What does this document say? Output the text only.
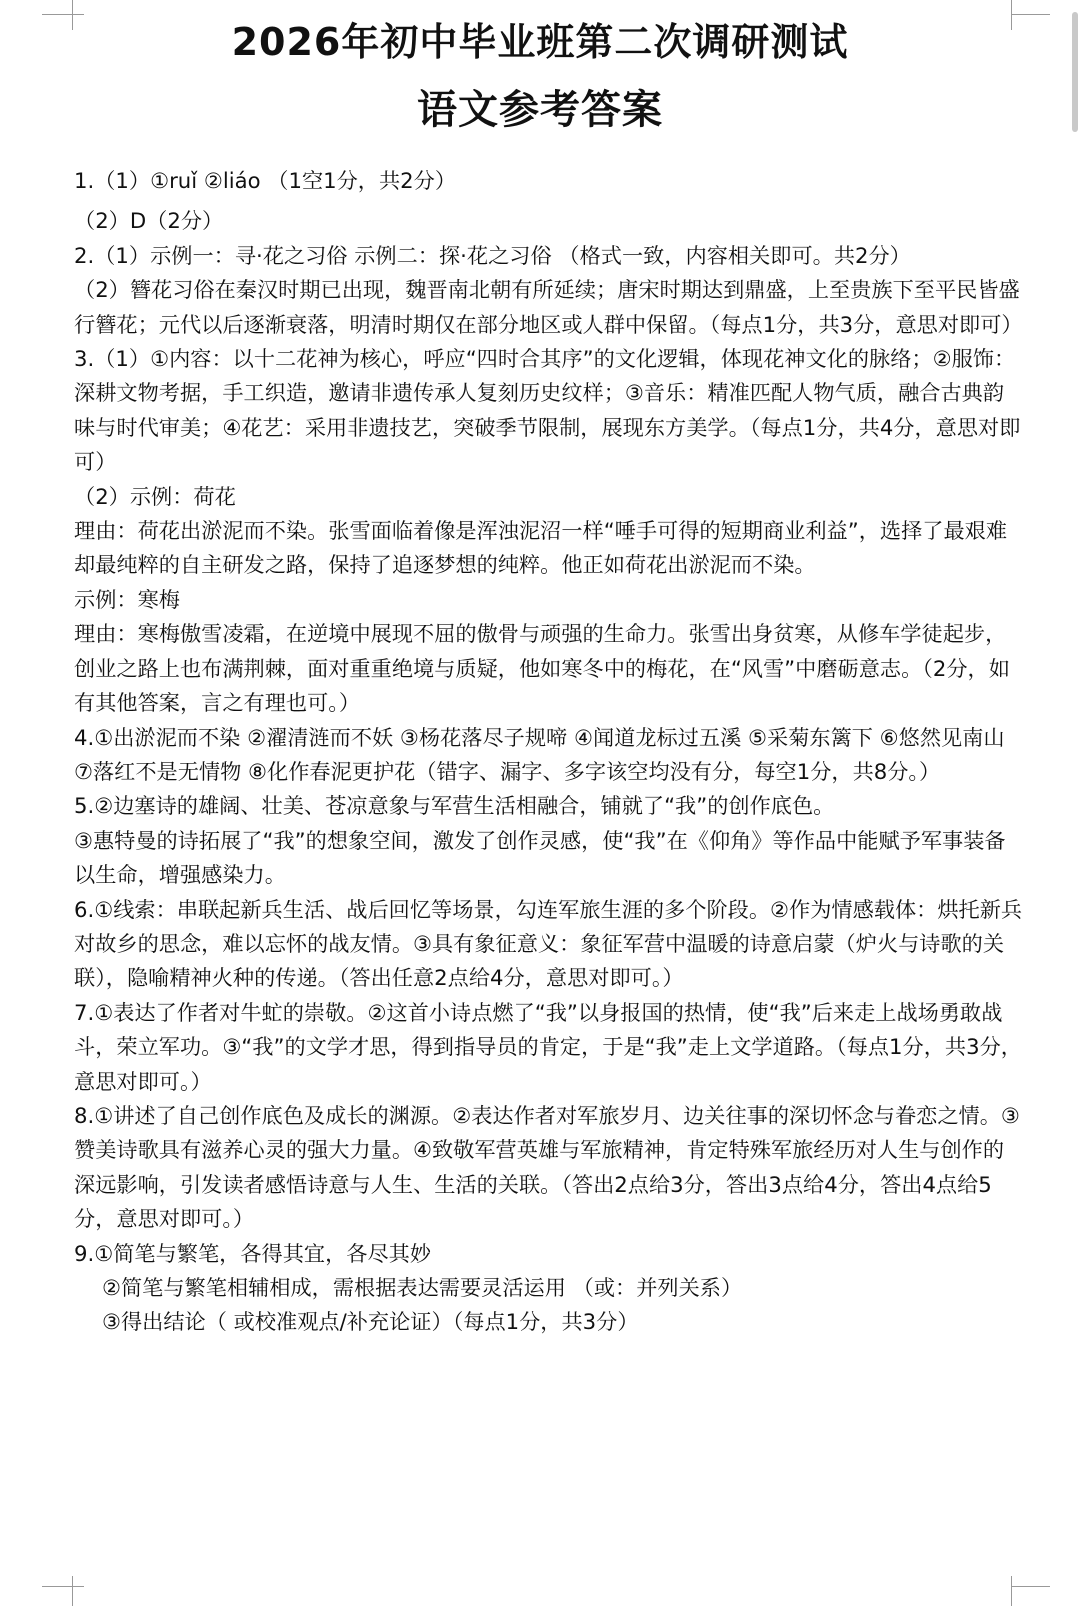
2026年初中毕业班第二次调研测试
语文参考答案

1.（1）①ruǐ ②liáo （1空1分，共2分）

（2）D（2分）

2.（1）示例一：寻·花之习俗 示例二：探·花之习俗 （格式一致，内容相关即可。共2分）

（2）簪花习俗在秦汉时期已出现，魏晋南北朝有所延续；唐宋时期达到鼎盛，上至贵族下至平民皆盛行簪花；元代以后逐渐衰落，明清时期仅在部分地区或人群中保留。（每点1分，共3分，意思对即可）

3.（1）①内容：以十二花神为核心，呼应“四时合其序”的文化逻辑，体现花神文化的脉络；②服饰：深耕文物考据，手工织造，邀请非遗传承人复刻历史纹样；③音乐：精准匹配人物气质，融合古典韵味与时代审美；④花艺：采用非遗技艺，突破季节限制，展现东方美学。（每点1分，共4分，意思对即可）

（2）示例：荷花

理由：荷花出淤泥而不染。张雪面临着像是浑浊泥沼一样“唾手可得的短期商业利益”，选择了最艰难却最纯粹的自主研发之路，保持了追逐梦想的纯粹。他正如荷花出淤泥而不染。

示例：寒梅

理由：寒梅傲雪凌霜，在逆境中展现不屈的傲骨与顽强的生命力。张雪出身贫寒，从修车学徒起步，创业之路上也布满荆棘，面对重重绝境与质疑，他如寒冬中的梅花，在“风雪”中磨砺意志。（2分，如有其他答案，言之有理也可。）

4.①出淤泥而不染 ②濯清涟而不妖 ③杨花落尽子规啼 ④闻道龙标过五溪 ⑤采菊东篱下 ⑥悠然见南山 ⑦落红不是无情物 ⑧化作春泥更护花（错字、漏字、多字该空均没有分，每空1分，共8分。）

5.②边塞诗的雄阔、壮美、苍凉意象与军营生活相融合，铺就了“我”的创作底色。

③惠特曼的诗拓展了“我”的想象空间，激发了创作灵感，使“我”在《仰角》等作品中能赋予军事装备以生命，增强感染力。

6.①线索：串联起新兵生活、战后回忆等场景，勾连军旅生涯的多个阶段。②作为情感载体：烘托新兵对故乡的思念，难以忘怀的战友情。③具有象征意义：象征军营中温暖的诗意启蒙（炉火与诗歌的关联），隐喻精神火种的传递。（答出任意2点给4分，意思对即可。）

7.①表达了作者对牛虻的崇敬。②这首小诗点燃了“我”以身报国的热情，使“我”后来走上战场勇敢战斗，荣立军功。③“我”的文学才思，得到指导员的肯定，于是“我”走上文学道路。（每点1分，共3分，意思对即可。）

8.①讲述了自己创作底色及成长的渊源。②表达作者对军旅岁月、边关往事的深切怀念与眷恋之情。③赞美诗歌具有滋养心灵的强大力量。④致敬军营英雄与军旅精神，肯定特殊军旅经历对人生与创作的深远影响，引发读者感悟诗意与人生、生活的关联。（答出2点给3分，答出3点给4分，答出4点给5分，意思对即可。）

9.①简笔与繁笔，各得其宜，各尽其妙

②简笔与繁笔相辅相成，需根据表达需要灵活运用 （或：并列关系）

③得出结论（ 或校准观点/补充论证）（每点1分，共3分）
